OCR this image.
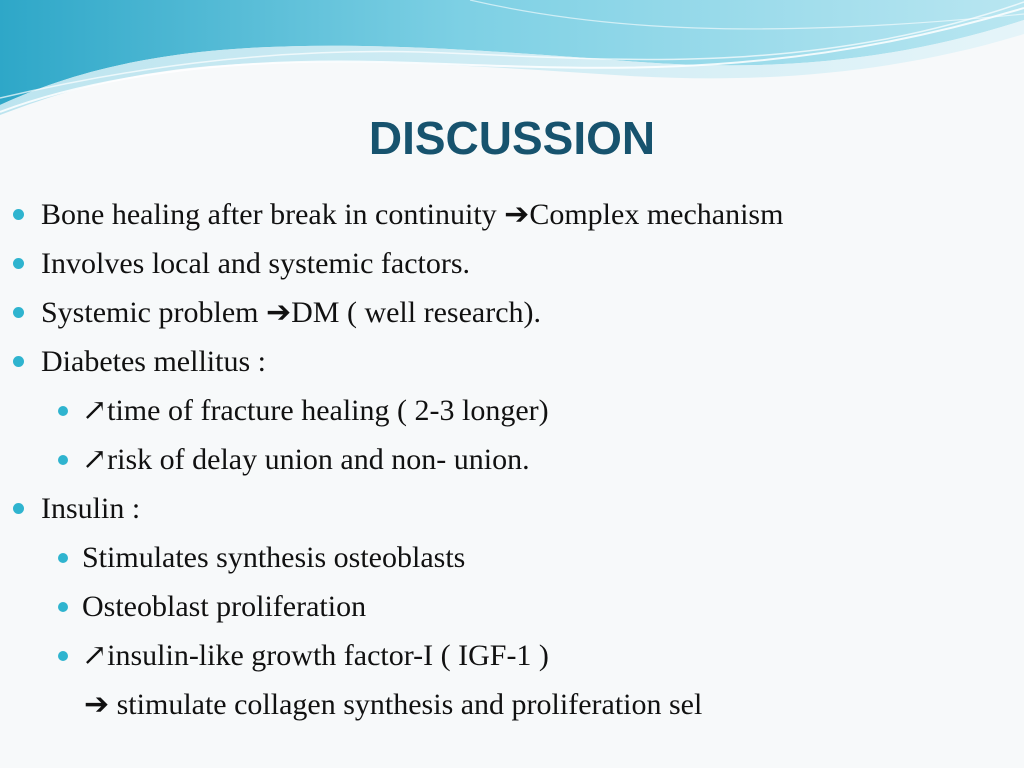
DISCUSSION
Bone healing after break in continuity ➔Complex mechanism
Involves local and systemic factors.
Systemic problem ➔DM ( well research).
Diabetes mellitus :
↗time of fracture healing ( 2-3 longer)
↗risk of delay union and non- union.
Insulin :
Stimulates synthesis osteoblasts
Osteoblast proliferation
↗insulin-like growth factor-I ( IGF-1 )
➔ stimulate collagen synthesis and proliferation sel
